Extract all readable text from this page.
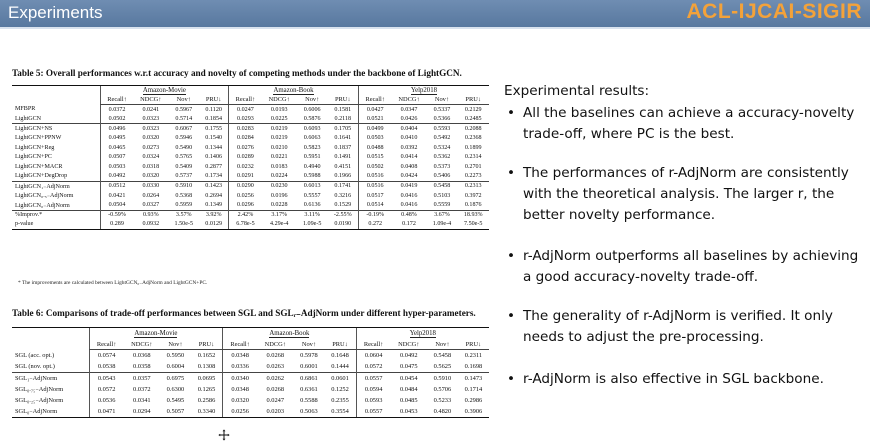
Experiments	ACL-IJCAI-SIGIR
Table 5: Overall performances w.r.t accuracy and novelty of competing methods under the backbone of LightGCN.
	Amazon-Movie				Amazon-Book				Yelp2018			
	Recall↑	NDCG↑	Nov↑	PRU↓	Recall↑	NDCG↑	Nov↑	PRU↓	Recall↑	NDCG↑	Nov↑	PRU↓
MFBPR	0.0372	0.0241	0.5967	0.1120	0.0247	0.0193	0.6006	0.1581	0.0427	0.0347	0.5337	0.2129
LightGCN	0.0502	0.0323	0.5714	0.1854	0.0293	0.0225	0.5876	0.2118	0.0521	0.0426	0.5366	0.2485
LightGCN+NS	0.0496	0.0323	0.6067	0.1755	0.0283	0.0219	0.6093	0.1705	0.0499	0.0404	0.5593	0.2088
LightGCN+PPNW	0.0495	0.0320	0.5946	0.1540	0.0284	0.0219	0.6063	0.1641	0.0503	0.0410	0.5492	0.2368
LightGCN+Reg	0.0465	0.0273	0.5490	0.1344	0.0276	0.0210	0.5823	0.1837	0.0488	0.0392	0.5324	0.1899
LightGCN+PC	0.0507	0.0324	0.5765	0.1406	0.0289	0.0221	0.5951	0.1491	0.0515	0.0414	0.5362	0.2314
LightGCN+MACR	0.0503	0.0318	0.5409	0.2877	0.0232	0.0183	0.4940	0.4151	0.0502	0.0408	0.5373	0.2701
LightGCN+DegDrop	0.0492	0.0320	0.5737	0.1734	0.0291	0.0224	0.5988	0.1966	0.0516	0.0424	0.5406	0.2273
LightGCN₁₋AdjNorm	0.0512	0.0330	0.5910	0.1423	0.0290	0.0230	0.6013	0.1741	0.0516	0.0419	0.5458	0.2313
LightGCN₀.₅₋AdjNorm	0.0421	0.0264	0.5368	0.2694	0.0256	0.0196	0.5557	0.3216	0.0517	0.0416	0.5103	0.3972
LightGCN₀₋AdjNorm	0.0504	0.0327	0.5959	0.1349	0.0296	0.0228	0.6136	0.1529	0.0514	0.0416	0.5559	0.1876
%Improv.*	-0.59%	0.93%	3.57%	3.92%	2.42%	3.17%	3.11%	-2.55%	-0.19%	0.48%	3.67%	18.93%
p-value	0.289	0.0932	1.50e-5	0.0129	6.78e-5	4.29e-4	1.09e-5	0.0190	0.272	0.172	1.09e-4	7.50e-5
* The improvements are calculated between LightGCN₀₋AdjNorm and LightGCN+PC.
Table 6: Comparisons of trade-off performances between SGL and SGLᵣ₋AdjNorm under different hyper-parameters.
	Amazon-Movie				Amazon-Book				Yelp2018			
	Recall↑	NDCG↑	Nov↑	PRU↓	Recall↑	NDCG↑	Nov↑	PRU↓	Recall↑	NDCG↑	Nov↑	PRU↓
SGL (acc. opt.)	0.0574	0.0368	0.5950	0.1652	0.0348	0.0268	0.5978	0.1648	0.0604	0.0492	0.5458	0.2311
SGL (nov. opt.)	0.0538	0.0358	0.6004	0.1308	0.0336	0.0263	0.6001	0.1444	0.0572	0.0475	0.5625	0.1698
SGL₁₋AdjNorm	0.0543	0.0357	0.6975	0.0695	0.0340	0.0262	0.6861	0.0601	0.0557	0.0454	0.5910	0.1473
SGL₀.₇₅₋AdjNorm	0.0572	0.0372	0.6300	0.1265	0.0348	0.0268	0.6361	0.1252	0.0594	0.0484	0.5706	0.1714
SGL₀.₂₅₋AdjNorm	0.0536	0.0341	0.5495	0.2586	0.0320	0.0247	0.5588	0.2355	0.0593	0.0485	0.5233	0.2986
SGL₀₋AdjNorm	0.0471	0.0294	0.5057	0.3340	0.0256	0.0203	0.5063	0.3554	0.0557	0.0453	0.4820	0.3906
Experimental results:
• All the baselines can achieve a accuracy-novelty trade-off, where PC is the best.
• The performances of r-AdjNorm are consistently with the theoretical analysis. The larger r, the better novelty performance.
• r-AdjNorm outperforms all baselines by achieving a good accuracy-novelty trade-off.
• The generality of r-AdjNorm is verified. It only needs to adjust the pre-processing.
• r-AdjNorm is also effective in SGL backbone.
